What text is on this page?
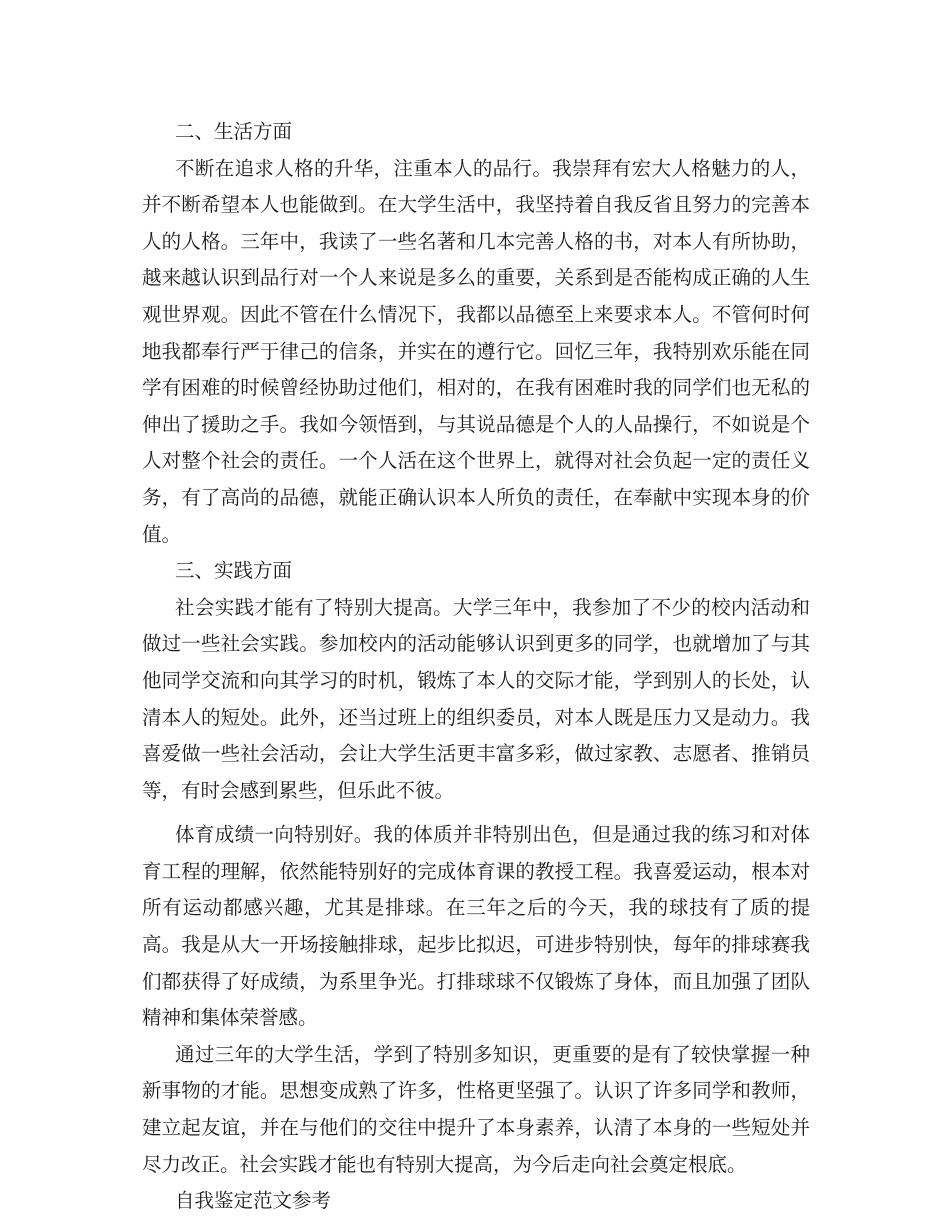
二、生活方面

不断在追求人格的升华，注重本人的品行。我崇拜有宏大人格魅力的人，并不断希望本人也能做到。在大学生活中，我坚持着自我反省且努力的完善本人的人格。三年中，我读了一些名著和几本完善人格的书，对本人有所协助，越来越认识到品行对一个人来说是多么的重要，关系到是否能构成正确的人生观世界观。因此不管在什么情况下，我都以品德至上来要求本人。不管何时何地我都奉行严于律己的信条，并实在的遵行它。回忆三年，我特别欢乐能在同学有困难的时候曾经协助过他们，相对的，在我有困难时我的同学们也无私的伸出了援助之手。我如今领悟到，与其说品德是个人的人品操行，不如说是个人对整个社会的责任。一个人活在这个世界上，就得对社会负起一定的责任义务，有了高尚的品德，就能正确认识本人所负的责任，在奉献中实现本身的价值。

三、实践方面

社会实践才能有了特别大提高。大学三年中，我参加了不少的校内活动和做过一些社会实践。参加校内的活动能够认识到更多的同学，也就增加了与其他同学交流和向其学习的时机，锻炼了本人的交际才能，学到别人的长处，认清本人的短处。此外，还当过班上的组织委员，对本人既是压力又是动力。我喜爱做一些社会活动，会让大学生活更丰富多彩，做过家教、志愿者、推销员等，有时会感到累些，但乐此不彼。

体育成绩一向特别好。我的体质并非特别出色，但是通过我的练习和对体育工程的理解，依然能特别好的完成体育课的教授工程。我喜爱运动，根本对所有运动都感兴趣，尤其是排球。在三年之后的今天，我的球技有了质的提高。我是从大一开场接触排球，起步比拟迟，可进步特别快，每年的排球赛我们都获得了好成绩，为系里争光。打排球球不仅锻炼了身体，而且加强了团队精神和集体荣誉感。

通过三年的大学生活，学到了特别多知识，更重要的是有了较快掌握一种新事物的才能。思想变成熟了许多，性格更坚强了。认识了许多同学和教师，建立起友谊，并在与他们的交往中提升了本身素养，认清了本身的一些短处并尽力改正。社会实践才能也有特别大提高，为今后走向社会奠定根底。

自我鉴定范文参考
